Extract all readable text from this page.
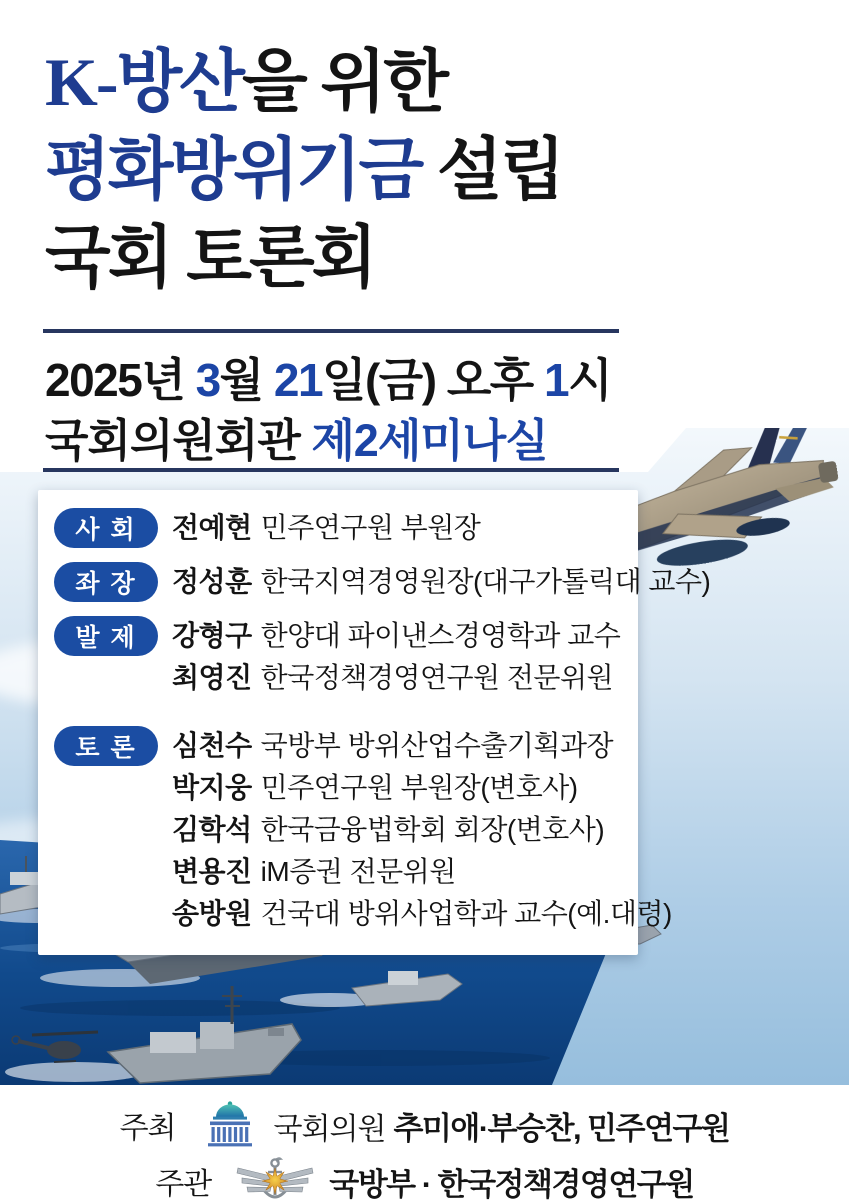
K-방산을 위한
평화방위기금 설립
국회 토론회
2025년 3월 21일(금) 오후 1시
국회의원회관 제2세미나실
사 회	전예현 민주연구원 부원장
좌 장	정성훈 한국지역경영원장(대구가톨릭대 교수)
발 제	강형구 한양대 파이낸스경영학과 교수
최영진 한국정책경영연구원 전문위원
토 론	심천수 국방부 방위산업수출기획과장
박지웅 민주연구원 부원장(변호사)
김학석 한국금융법학회 회장(변호사)
변용진 iM증권 전문위원
송방원 건국대 방위사업학과 교수(예.대령)
주최	국회의원 추미애·부승찬, 민주연구원
주관	국방부 · 한국정책경영연구원
